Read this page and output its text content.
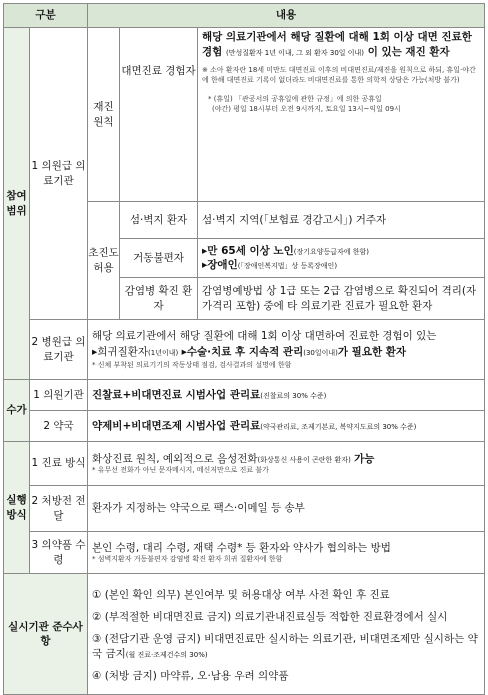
구분		내용		

참여 범위	1 의원급 의료기관	재진 원칙	대면진료 경험자	해당 의료기관에서 해당 질환에 대해 1회 이상 대면 진료한 경험 (만성질환자 1년 이내, 그 외 환자 30일 이내) 이 있는 재진 환자
※ 소아 환자란 18세 미만도 대면진료 이후의 비대면진료/재진을 원칙으로 하되, 휴일·야간에 한해 대면진료 기록이 없더라도 비대면진료를 통한 의학적 상담은 가능(처방 불가)
* (휴일) 「관공서의 공휴일에 관한 규정」에 의한 공휴일
(야간) 평일 18시부터 오전 9시까지, 토요일 13시~익일 09시

		초진도 허용	섬·벽지 환자	섬·벽지 지역(「보험료 경감고시」) 거주자
			거동불편자	▸만 65세 이상 노인(장기요양등급자에 한함)
▸장애인(「장애인복지법」상 등록장애인)

			감염병 확진 환자	감염병예방법 상 1급 또는 2급 감염병으로 확진되어 격리(자가격리 포함) 중에 타 의료기관 진료가 필요한 환자
	2 병원급 의료기관	해당 의료기관에서 해당 질환에 대해 1회 이상 대면하여 진료한 경험이 있는
▸희귀질환자(1년이내) ▸수술·치료 후 지속적 관리(30일이내)가 필요한 환자
* 신체 부착된 의료기기의 작동상태 점검, 검사결과의 설명에 한함		

수가	1 의원기관	진찰료+비대면진료 시범사업 관리료(진찰료의 30% 수준)		
	2 약국	약제비+비대면조제 시범사업 관리료(약국관리료, 조제기본료, 복약지도료의 30% 수준)		

실행 방식	1 진료 방식	화상진료 원칙, 예외적으로 음성전화(화상통신 사용이 곤란한 환자) 가능
* 유무선 전화가 아닌 문자메시지, 메신저만으로 진료 불가		

	2 처방전 전달	환자가 지정하는 약국으로 팩스·이메일 등 송부		
	3 의약품 수령	본인 수령, 대리 수령, 재택 수령* 등 환자와 약사가 협의하는 방법
* 섬벽지환자 거동불편자 감염병 확진 환자 희귀 질환자에 한함		

실시기관 준수사항		① (본인 확인 의무) 본인여부 및 허용대상 여부 사전 확인 후 진료
② (부적절한 비대면진료 금지) 의료기관내진료실등 적합한 진료환경에서 실시
③ (전담기관 운영 금지) 비대면진료만 실시하는 의료기관, 비대면조제만 실시하는 약국 금지(월 진료·조제건수의 30%)
④ (처방 금지) 마약류, 오·남용 우려 의약품		
